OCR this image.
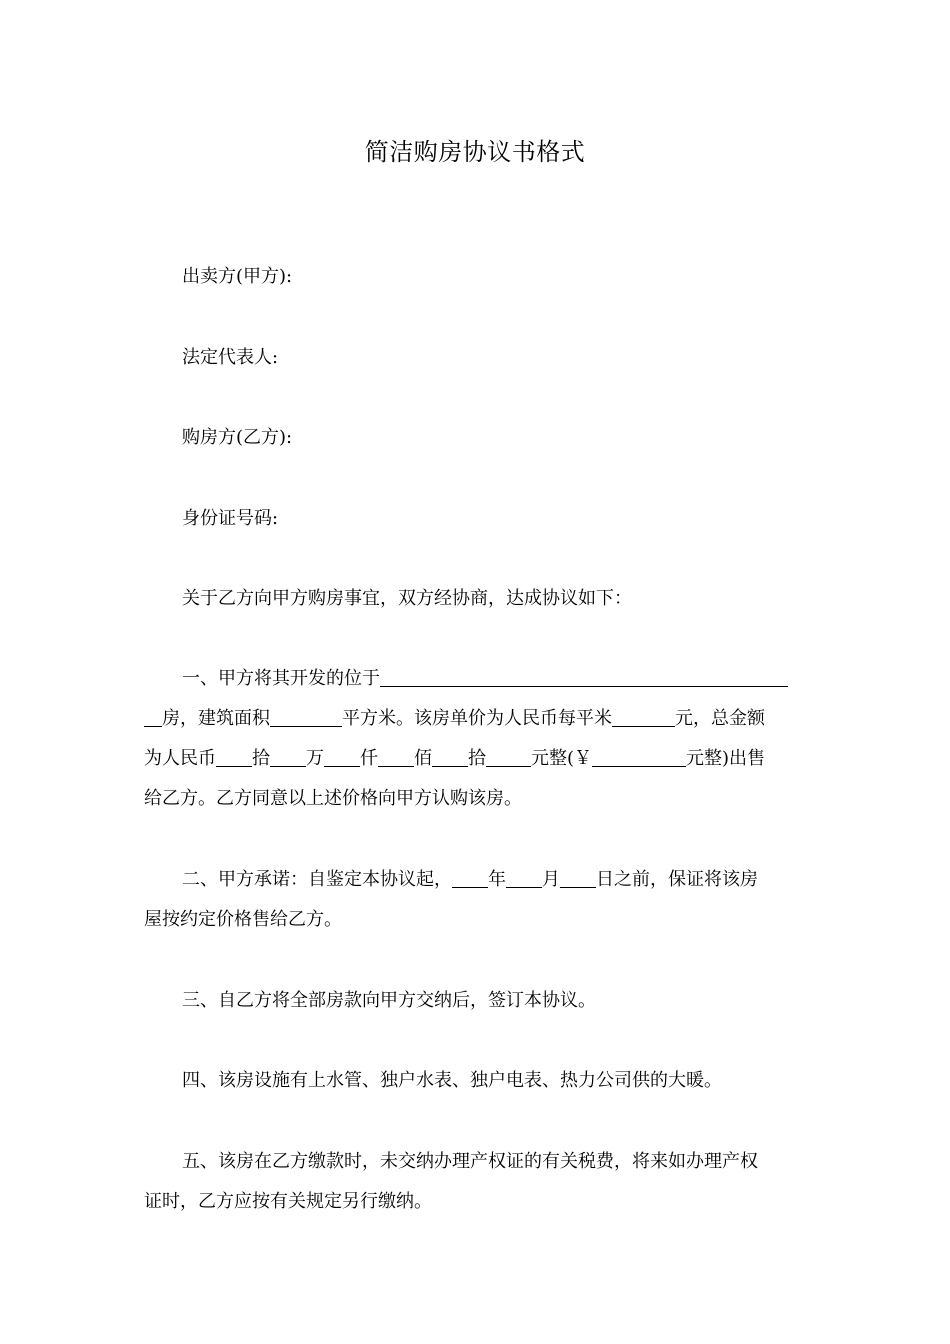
简洁购房协议书格式
出卖方(甲方):
法定代表人:
购房方(乙方):
身份证号码:
关于乙方向甲方购房事宜，双方经协商，达成协议如下：
一、甲方将其开发的位于
房，建筑面积	平方米。该房单价为人民币每平米	元，总金额
为人民币 拾 万 仟 佰 拾	元整(￥	元整)出售
给乙方。乙方同意以上述价格向甲方认购该房。
二、甲方承诺：自鉴定本协议起， 年 月 日之前，保证将该房
屋按约定价格售给乙方。
三、自乙方将全部房款向甲方交纳后，签订本协议。
四、该房设施有上水管、独户水表、独户电表、热力公司供的大暖。
五、该房在乙方缴款时，未交纳办理产权证的有关税费，将来如办理产权
证时，乙方应按有关规定另行缴纳。
